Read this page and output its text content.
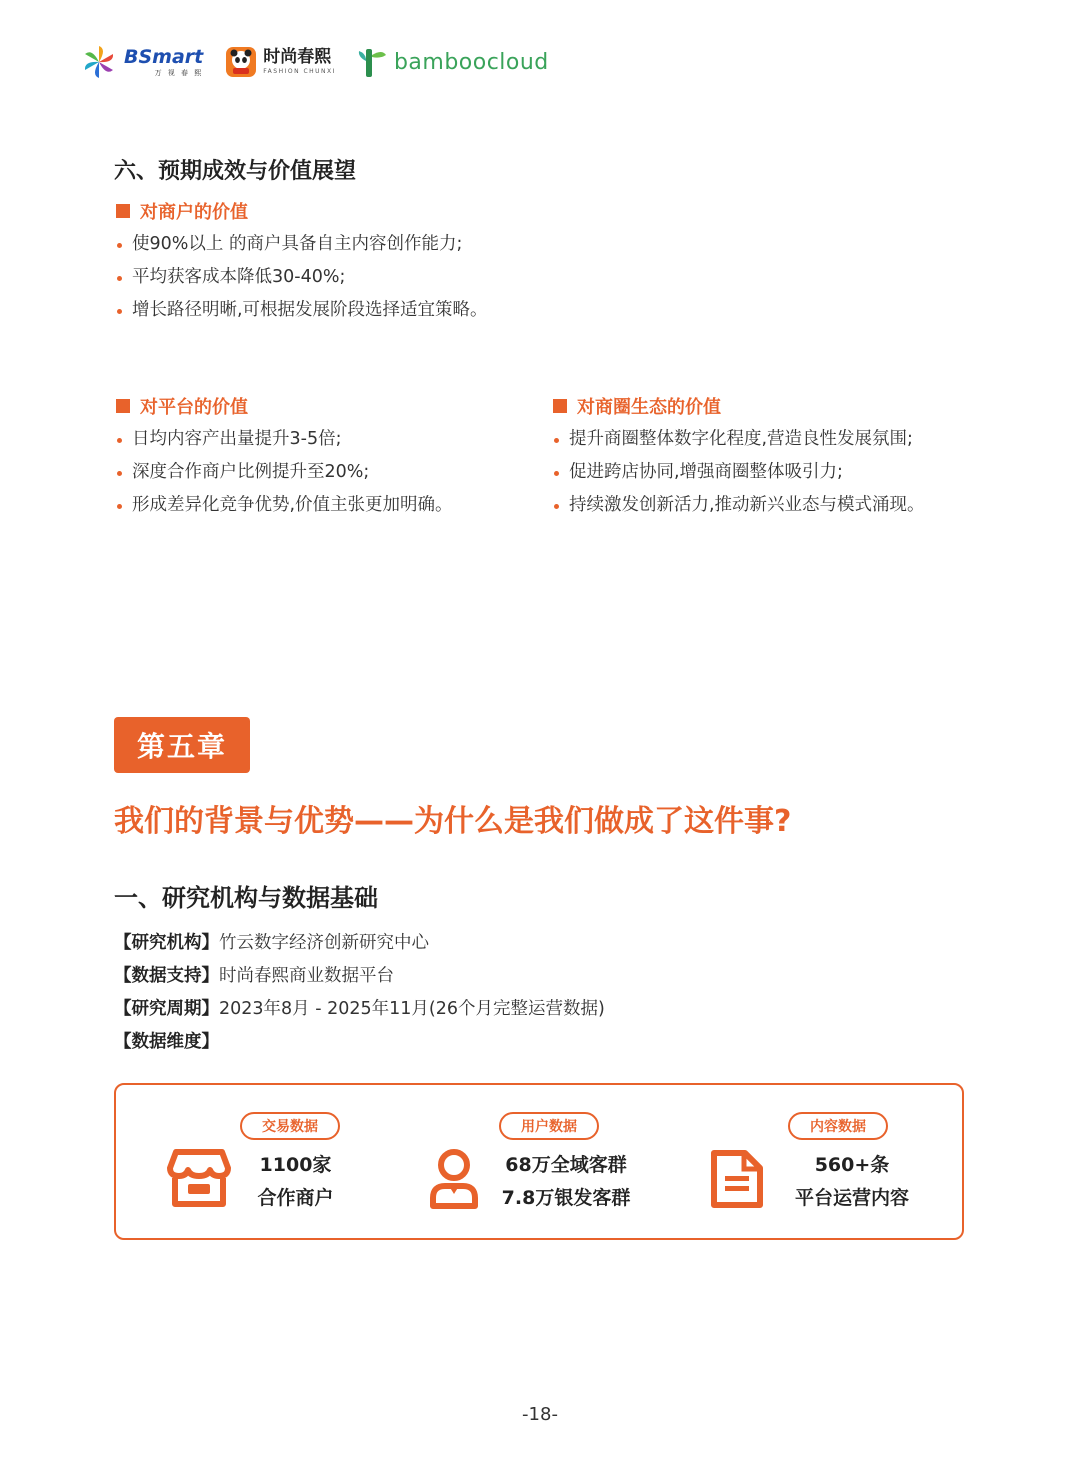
BSmart
万 视 春 熙
时尚春熙
FASHION CHUNXI	bamboocloud
六、预期成效与价值展望
对商户的价值
使90%以上 的商户具备自主内容创作能力;
平均获客成本降低30-40%;
增长路径明晰,可根据发展阶段选择适宜策略。
对平台的价值
日均内容产出量提升3-5倍;
深度合作商户比例提升至20%;
形成差异化竞争优势,价值主张更加明确。
对商圈生态的价值
提升商圈整体数字化程度,营造良性发展氛围;
促进跨店协同,增强商圈整体吸引力;
持续激发创新活力,推动新兴业态与模式涌现。
第五章
我们的背景与优势——为什么是我们做成了这件事?
一、研究机构与数据基础
【研究机构】竹云数字经济创新研究中心
【数据支持】时尚春熙商业数据平台
【研究周期】2023年8月 - 2025年11月(26个月完整运营数据)
【数据维度】
交易数据
1100家
合作商户
用户数据
68万全域客群
7.8万银发客群
内容数据
560+条
平台运营内容
-18-
